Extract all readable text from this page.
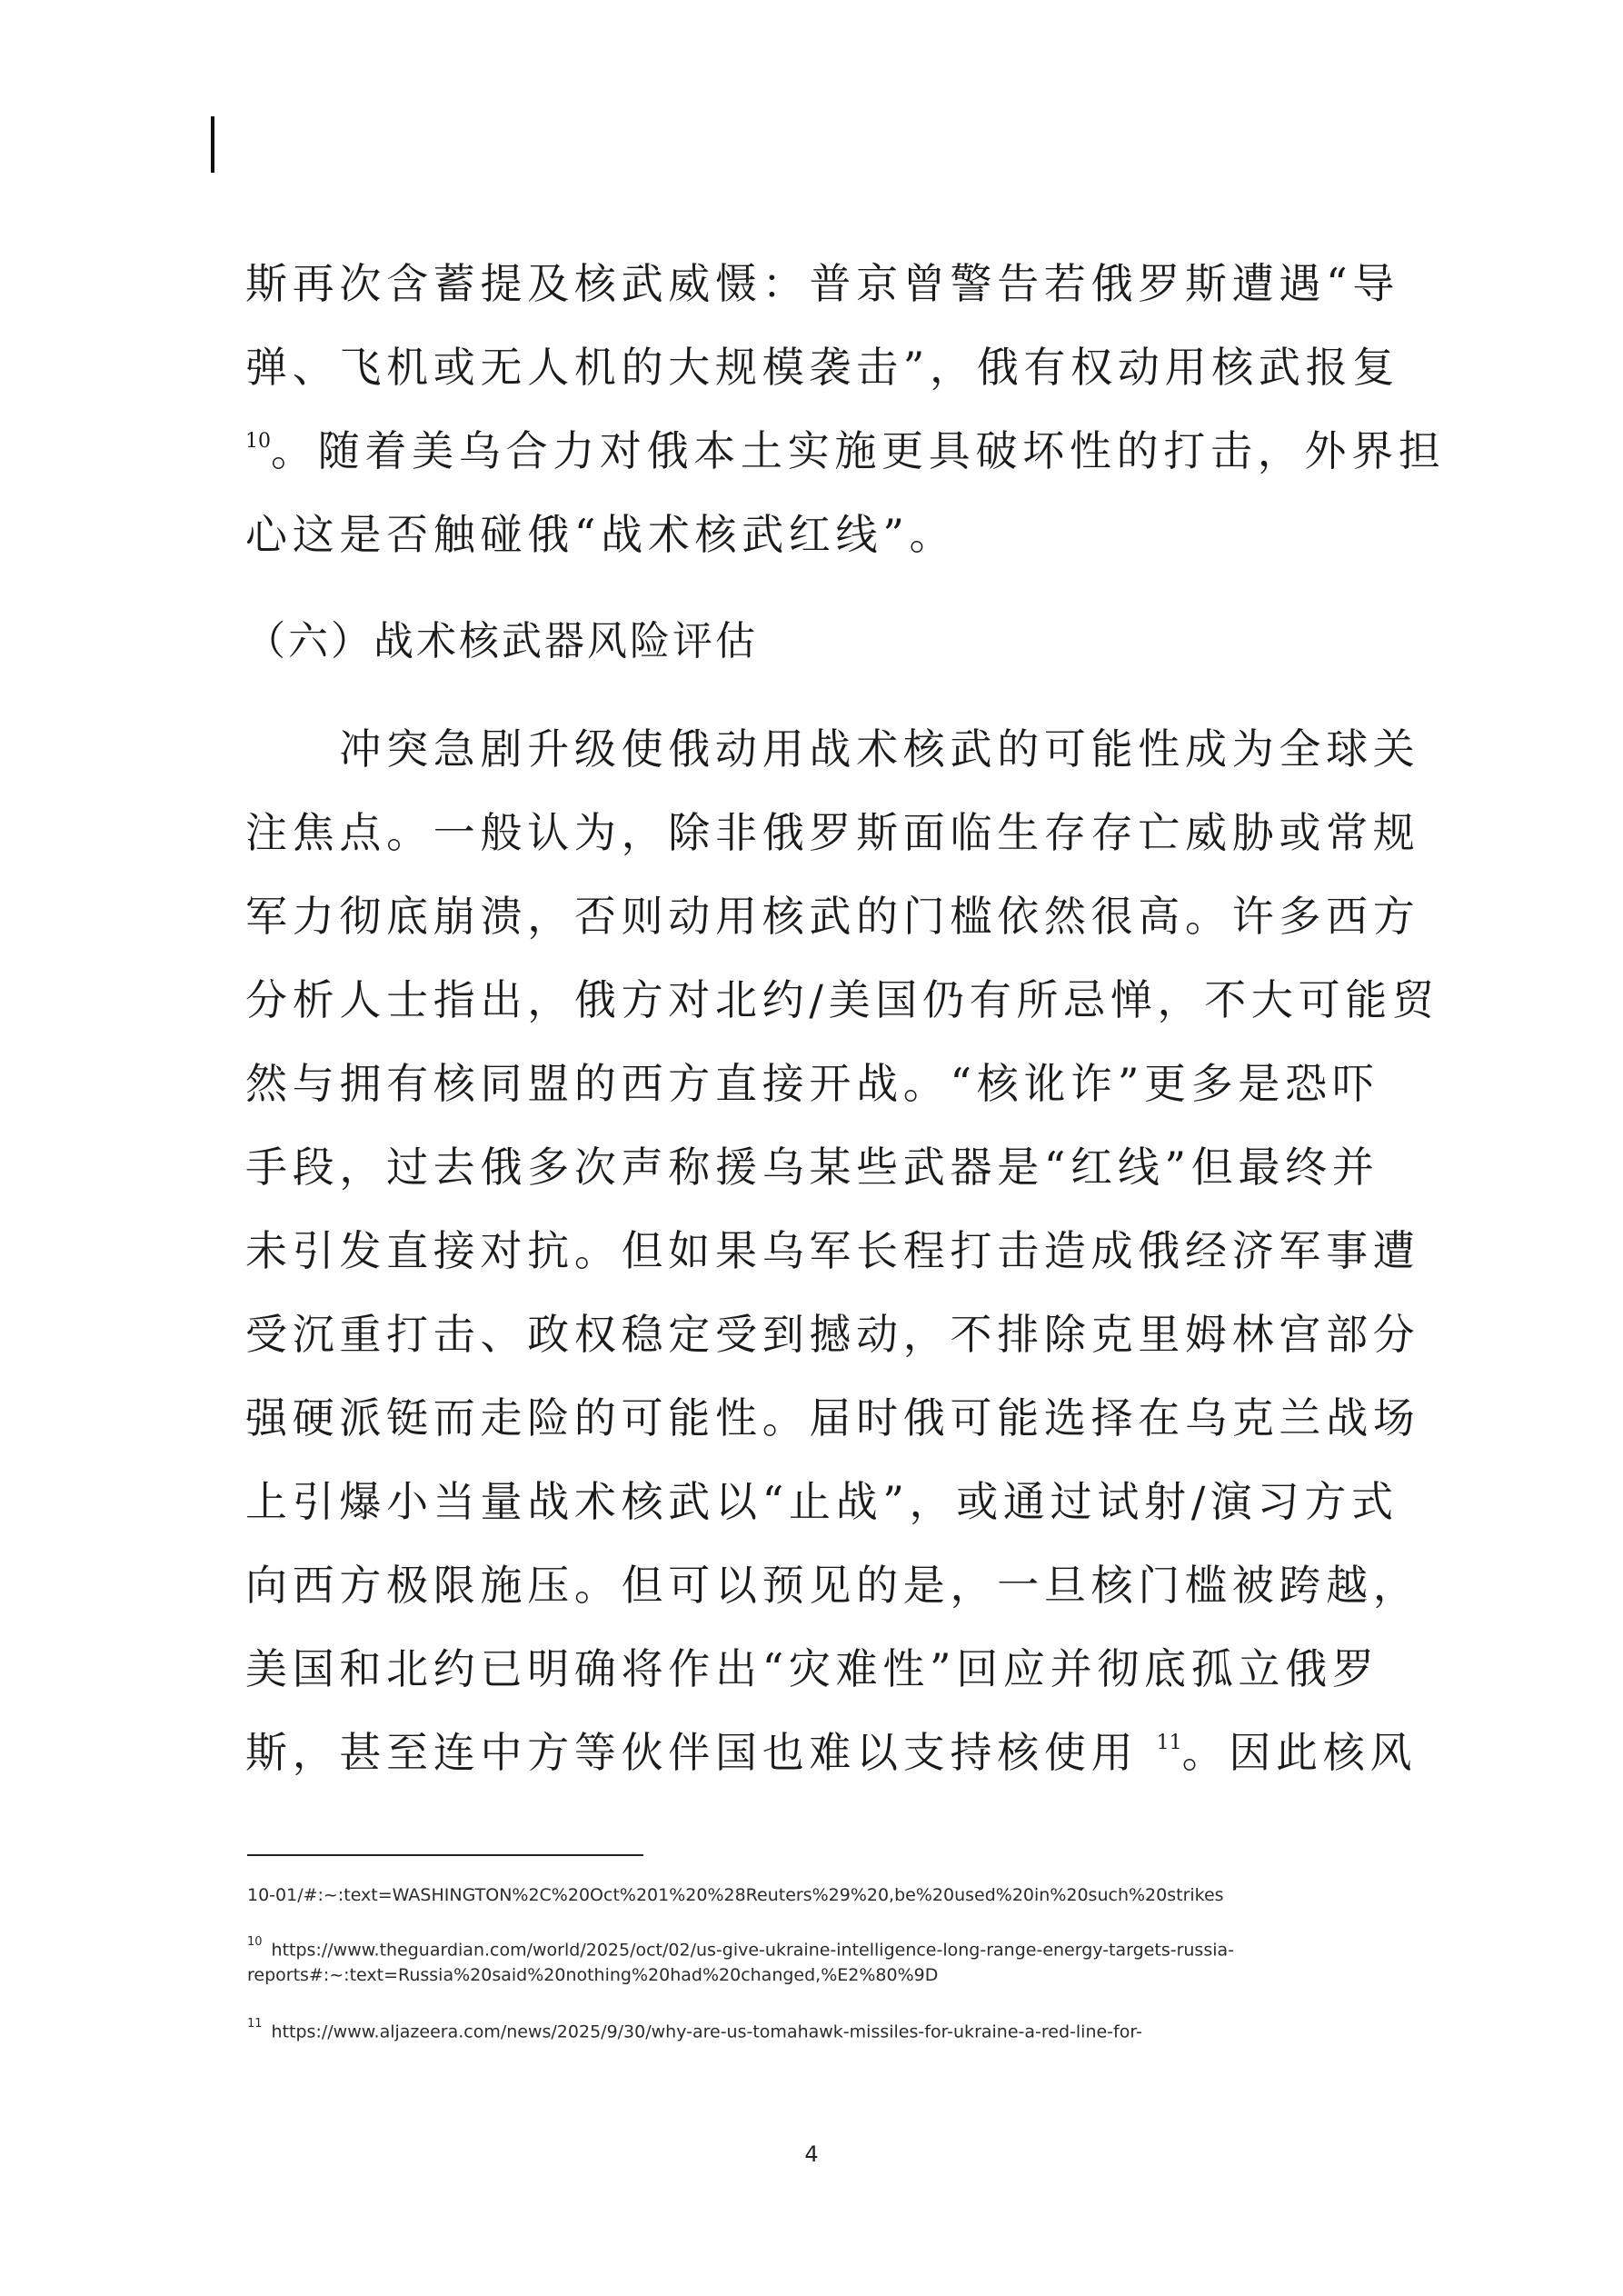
斯再次含蓄提及核武威慑：普京曾警告若俄罗斯遭遇“导
弹、飞机或无人机的大规模袭击”，俄有权动用核武报复
$^{10}$。随着美乌合力对俄本土实施更具破坏性的打击，外界担
心这是否触碰俄“战术核武红线”。
（六）战术核武器风险评估
　　冲突急剧升级使俄动用战术核武的可能性成为全球关
注焦点。一般认为，除非俄罗斯面临生存存亡威胁或常规
军力彻底崩溃，否则动用核武的门槛依然很高。许多西方
分析人士指出，俄方对北约/美国仍有所忌惮，不大可能贸
然与拥有核同盟的西方直接开战。“核讹诈”更多是恐吓
手段，过去俄多次声称援乌某些武器是“红线”但最终并
未引发直接对抗。但如果乌军长程打击造成俄经济军事遭
受沉重打击、政权稳定受到撼动，不排除克里姆林宫部分
强硬派铤而走险的可能性。届时俄可能选择在乌克兰战场
上引爆小当量战术核武以“止战”，或通过试射/演习方式
向西方极限施压。但可以预见的是，一旦核门槛被跨越，
美国和北约已明确将作出“灾难性”回应并彻底孤立俄罗
斯，甚至连中方等伙伴国也难以支持核使用 $^{11}$。因此核风
10-01/#:~:text=WASHINGTON%2C%20Oct%201%20%28Reuters%29%20,be%20used%20in%20such%20strikes
$^{10}$ https://www.theguardian.com/world/2025/oct/02/us-give-ukraine-intelligence-long-range-energy-targets-russia-
reports#:~:text=Russia%20said%20nothing%20had%20changed,%E2%80%9D
$^{11}$ https://www.aljazeera.com/news/2025/9/30/why-are-us-tomahawk-missiles-for-ukraine-a-red-line-for-
4
